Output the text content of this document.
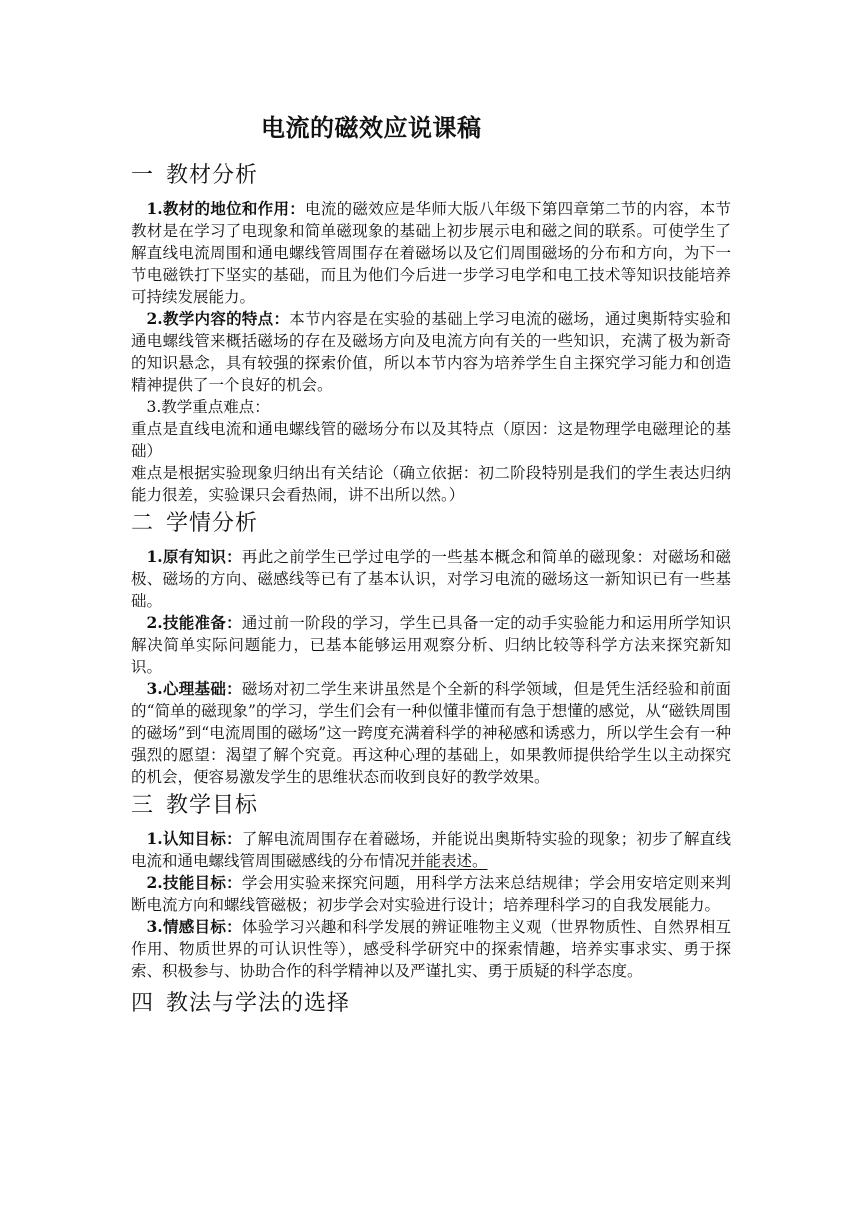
电流的磁效应说课稿
一 教材分析

1.教材的地位和作用：电流的磁效应是华师大版八年级下第四章第二节的内容，本节教材是在学习了电现象和简单磁现象的基础上初步展示电和磁之间的联系。可使学生了解直线电流周围和通电螺线管周围存在着磁场以及它们周围磁场的分布和方向，为下一节电磁铁打下坚实的基础，而且为他们今后进一步学习电学和电工技术等知识技能培养可持续发展能力。

2.教学内容的特点：本节内容是在实验的基础上学习电流的磁场，通过奥斯特实验和通电螺线管来概括磁场的存在及磁场方向及电流方向有关的一些知识，充满了极为新奇的知识悬念，具有较强的探索价值，所以本节内容为培养学生自主探究学习能力和创造精神提供了一个良好的机会。

3.教学重点难点：

重点是直线电流和通电螺线管的磁场分布以及其特点（原因：这是物理学电磁理论的基础）

难点是根据实验现象归纳出有关结论（确立依据：初二阶段特别是我们的学生表达归纳能力很差，实验课只会看热闹，讲不出所以然。）

二 学情分析

1.原有知识：再此之前学生已学过电学的一些基本概念和简单的磁现象：对磁场和磁极、磁场的方向、磁感线等已有了基本认识，对学习电流的磁场这一新知识已有一些基础。

2.技能准备：通过前一阶段的学习，学生已具备一定的动手实验能力和运用所学知识解决简单实际问题能力，已基本能够运用观察分析、归纳比较等科学方法来探究新知识。

3.心理基础：磁场对初二学生来讲虽然是个全新的科学领域，但是凭生活经验和前面的“简单的磁现象”的学习，学生们会有一种似懂非懂而有急于想懂的感觉，从“磁铁周围的磁场”到“电流周围的磁场”这一跨度充满着科学的神秘感和诱惑力，所以学生会有一种强烈的愿望：渴望了解个究竟。再这种心理的基础上，如果教师提供给学生以主动探究的机会，便容易激发学生的思维状态而收到良好的教学效果。

三 教学目标

1.认知目标：了解电流周围存在着磁场，并能说出奥斯特实验的现象；初步了解直线电流和通电螺线管周围磁感线的分布情况并能表述。

2.技能目标：学会用实验来探究问题，用科学方法来总结规律；学会用安培定则来判断电流方向和螺线管磁极；初步学会对实验进行设计；培养理科学习的自我发展能力。

3.情感目标：体验学习兴趣和科学发展的辨证唯物主义观（世界物质性、自然界相互作用、物质世界的可认识性等），感受科学研究中的探索情趣，培养实事求实、勇于探索、积极参与、协助合作的科学精神以及严谨扎实、勇于质疑的科学态度。

四 教法与学法的选择
